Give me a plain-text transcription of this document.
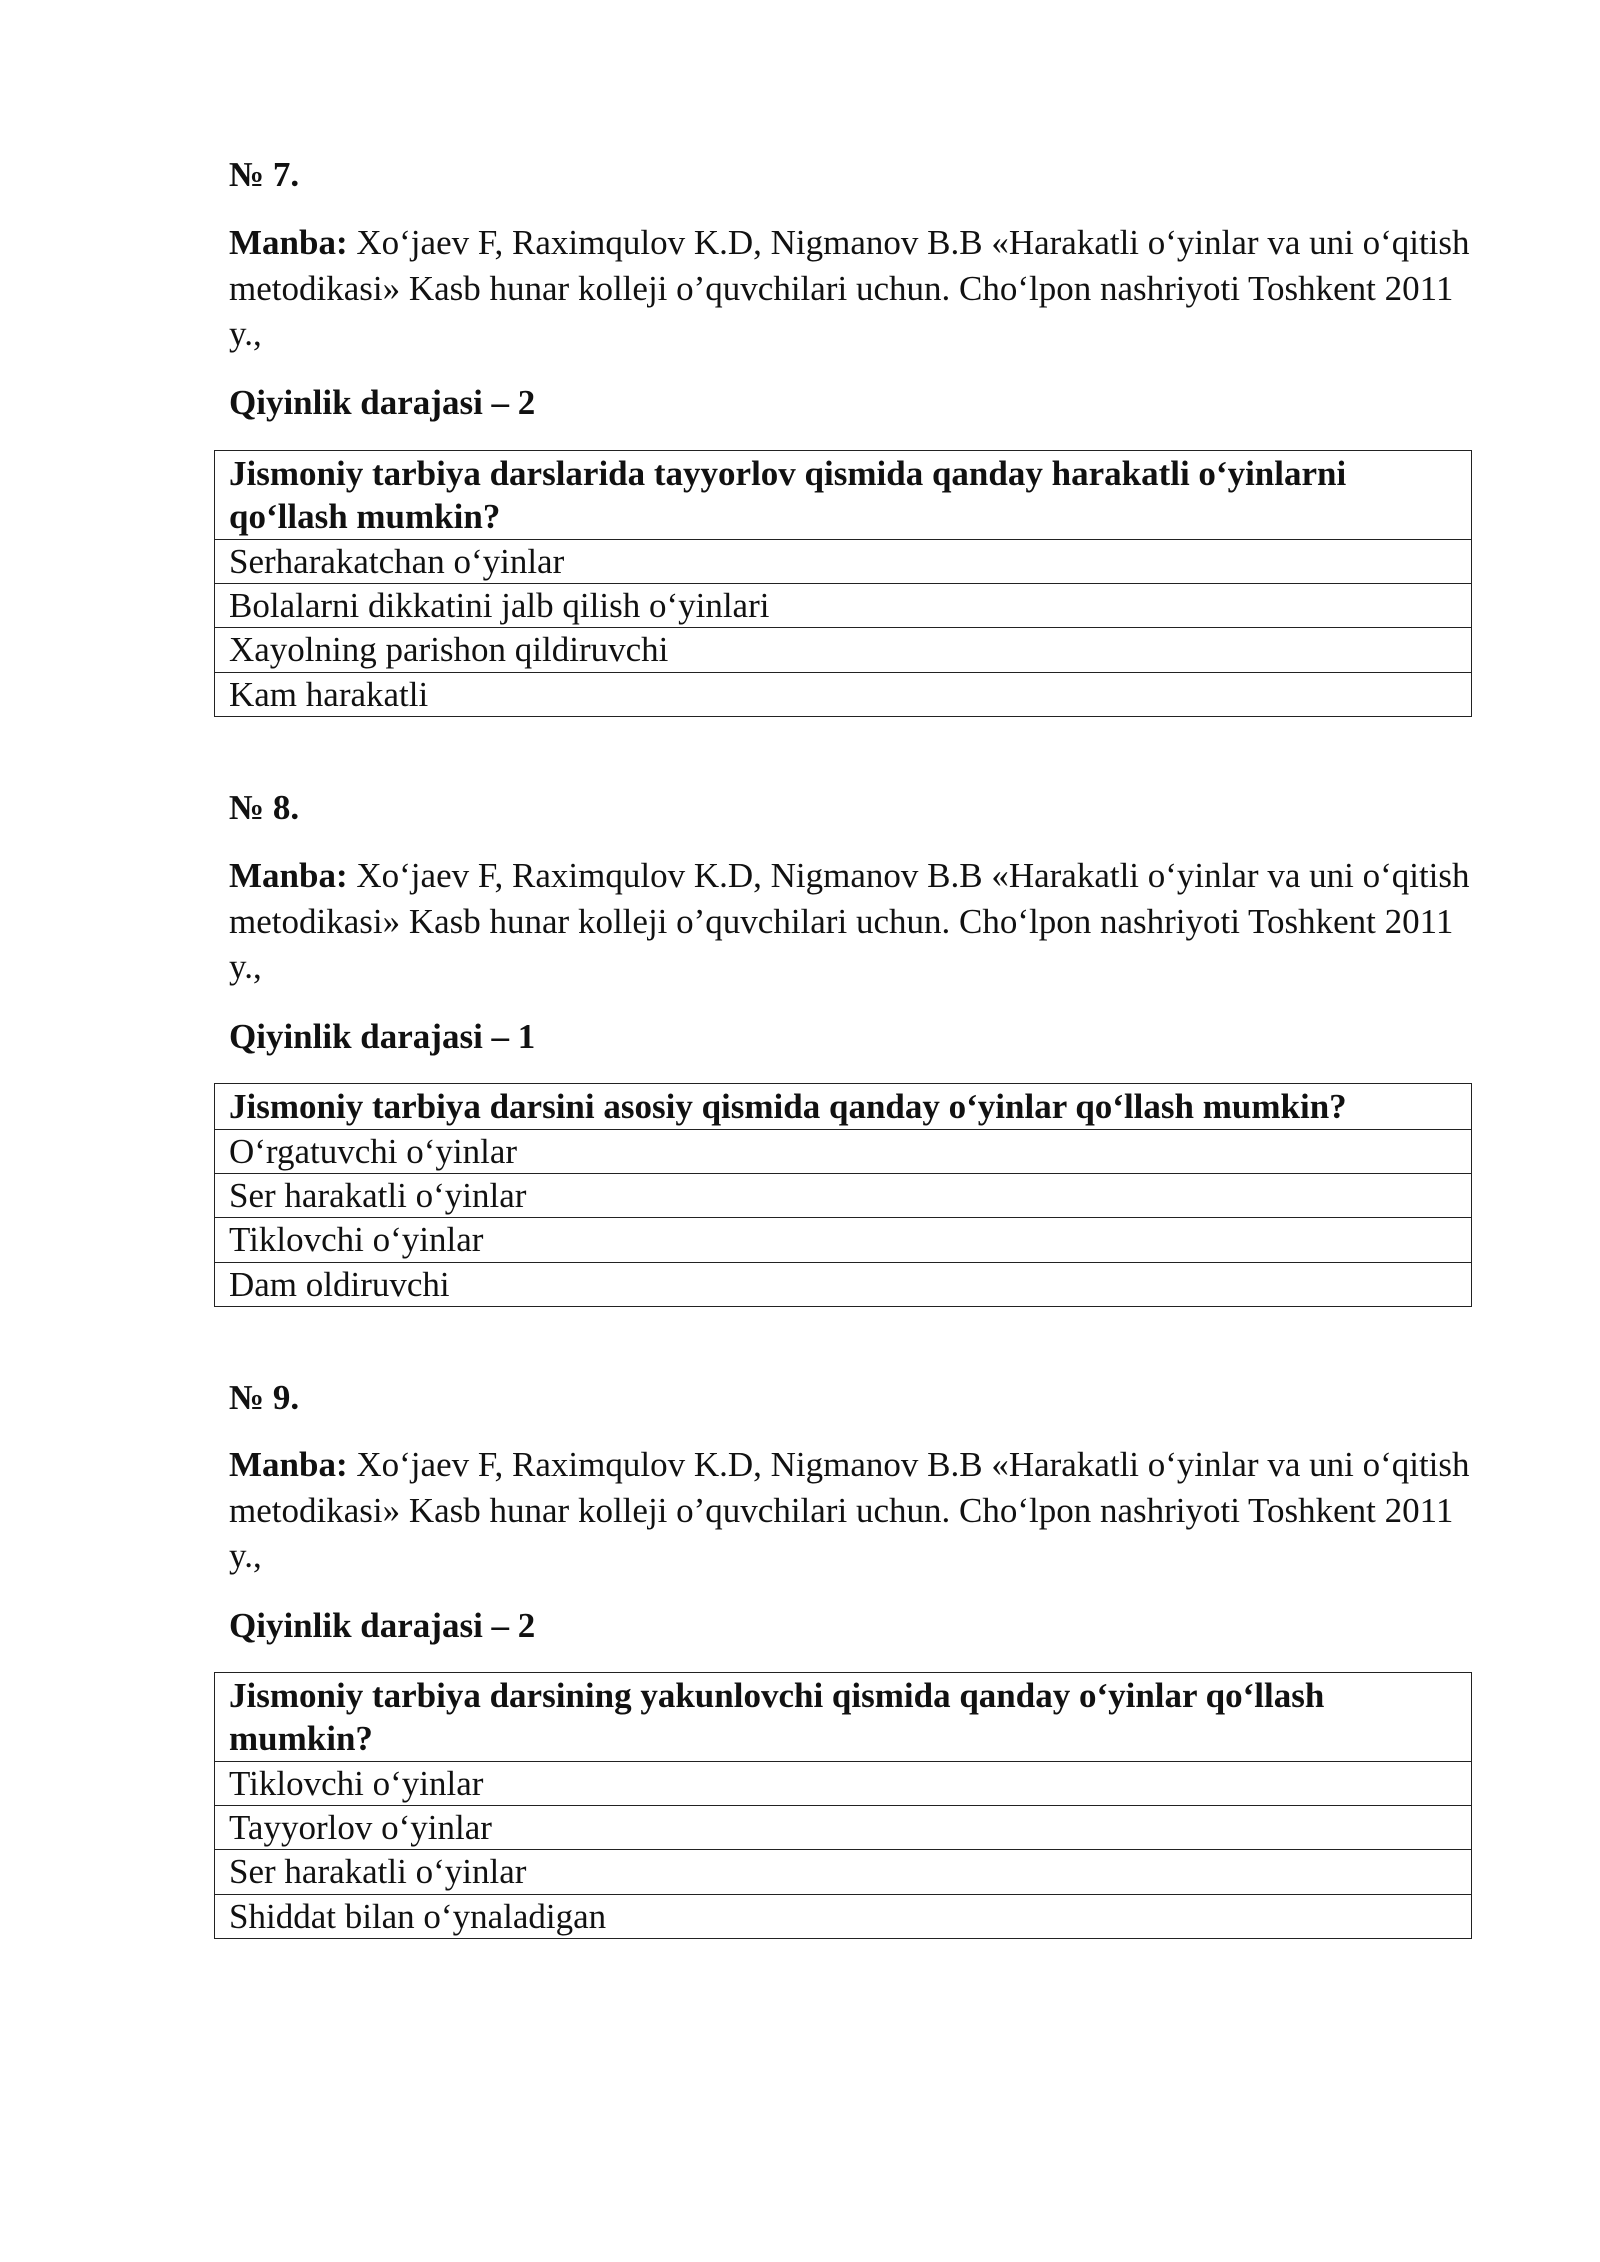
№ 7.

Manba: Xo‘jaev F, Raximqulov K.D, Nigmanov B.B «Harakatli o‘yinlar va uni o‘qitish metodikasi» Kasb hunar kolleji o’quvchilari uchun. Cho‘lpon nashriyoti Toshkent 2011 y.,

Qiyinlik darajasi – 2

Jismoniy tarbiya darslarida tayyorlov qismida qanday harakatli o‘yinlarni qo‘llash mumkin?
Serharakatchan o‘yinlar
Bolalarni dikkatini jalb qilish o‘yinlari
Xayolning parishon qildiruvchi
Kam harakatli

№ 8.

Manba: Xo‘jaev F, Raximqulov K.D, Nigmanov B.B «Harakatli o‘yinlar va uni o‘qitish metodikasi» Kasb hunar kolleji o’quvchilari uchun. Cho‘lpon nashriyoti Toshkent 2011 y.,

Qiyinlik darajasi – 1

Jismoniy tarbiya darsini asosiy qismida qanday o‘yinlar qo‘llash mumkin?
O‘rgatuvchi o‘yinlar
Ser harakatli o‘yinlar
Tiklovchi o‘yinlar
Dam oldiruvchi

№ 9.

Manba: Xo‘jaev F, Raximqulov K.D, Nigmanov B.B «Harakatli o‘yinlar va uni o‘qitish metodikasi» Kasb hunar kolleji o’quvchilari uchun. Cho‘lpon nashriyoti Toshkent 2011 y.,

Qiyinlik darajasi – 2

Jismoniy tarbiya darsining yakunlovchi qismida qanday o‘yinlar qo‘llash mumkin?
Tiklovchi o‘yinlar
Tayyorlov o‘yinlar
Ser harakatli o‘yinlar
Shiddat bilan o‘ynaladigan
